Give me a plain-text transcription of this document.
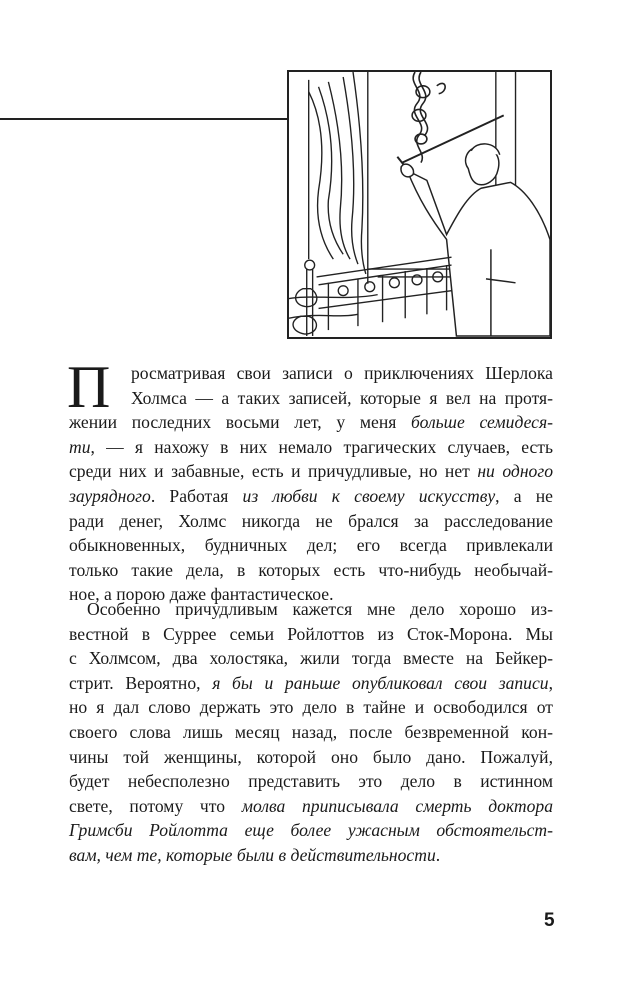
П	росматривая свои записи о приключениях Шерлока
Холмса — а таких записей, которые я вел на протя-
жении последних восьми лет, у меня больше семидеся-
ти, — я нахожу в них немало трагических случаев, есть
среди них и забавные, есть и причудливые, но нет ни одного
заурядного. Работая из любви к своему искусству, а не
ради денег, Холмс никогда не брался за расследование
обыкновенных, будничных дел; его всегда привлекали
только такие дела, в которых есть что-нибудь необычай-
ное, а порою даже фантастическое.
Особенно причудливым кажется мне дело хорошо из-
вестной в Суррее семьи Ройлоттов из Сток-Морона. Мы
с Холмсом, два холостяка, жили тогда вместе на Бейкер-
стрит. Вероятно, я бы и раньше опубликовал свои записи,
но я дал слово держать это дело в тайне и освободился от
своего слова лишь месяц назад, после безвременной кон-
чины той женщины, которой оно было дано. Пожалуй,
будет небесполезно представить это дело в истинном
свете, потому что молва приписывала смерть доктора
Гримсби Ройлотта еще более ужасным обстоятельст-
вам, чем те, которые были в действительности.
5
